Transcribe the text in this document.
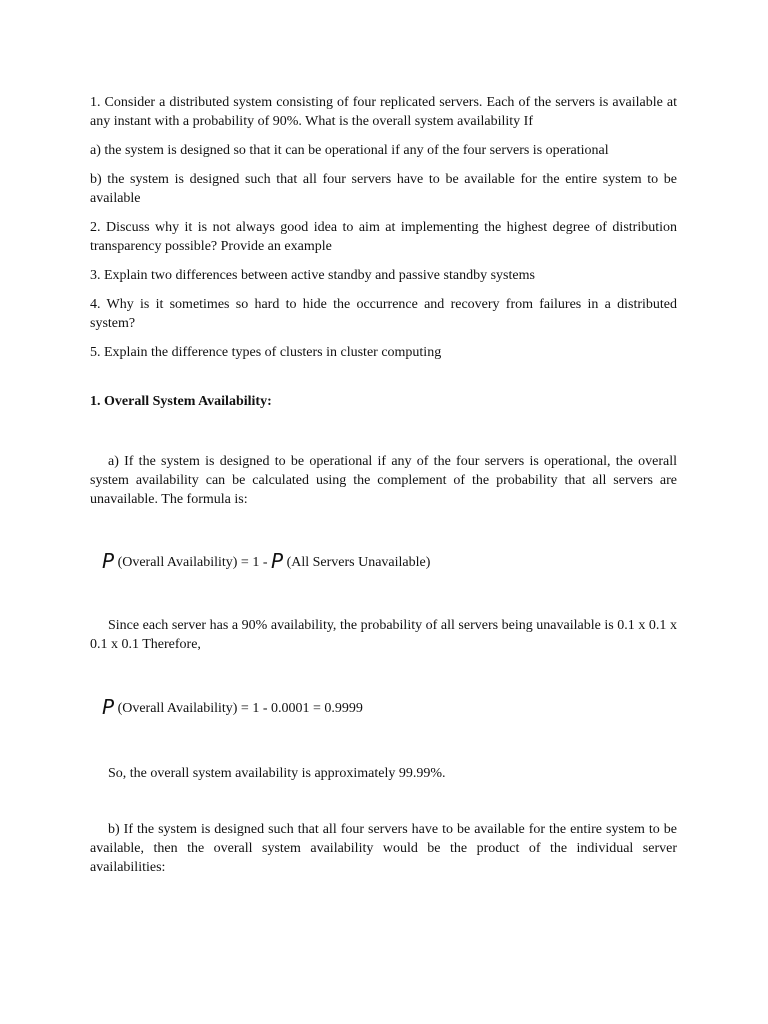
1. Consider a distributed system consisting of four replicated servers. Each of the servers is available at any instant with a probability of 90%. What is the overall system availability If

a) the system is designed so that it can be operational if any of the four servers is operational

b) the system is designed such that all four servers have to be available for the entire system to be available

2. Discuss why it is not always good idea to aim at implementing the highest degree of distribution transparency possible? Provide an example

3. Explain two differences between active standby and passive standby systems

4. Why is it sometimes so hard to hide the occurrence and recovery from failures in a distributed system?

5. Explain the difference types of clusters in cluster computing

1. Overall System Availability:

a) If the system is designed to be operational if any of the four servers is operational, the overall system availability can be calculated using the complement of the probability that all servers are unavailable. The formula is:

P (Overall Availability) = 1 - P (All Servers Unavailable)

Since each server has a 90% availability, the probability of all servers being unavailable is 0.1 x 0.1 x 0.1 x 0.1 Therefore,

P (Overall Availability) = 1 - 0.0001 = 0.9999

So, the overall system availability is approximately 99.99%.

b) If the system is designed such that all four servers have to be available for the entire system to be available, then the overall system availability would be the product of the individual server availabilities:
